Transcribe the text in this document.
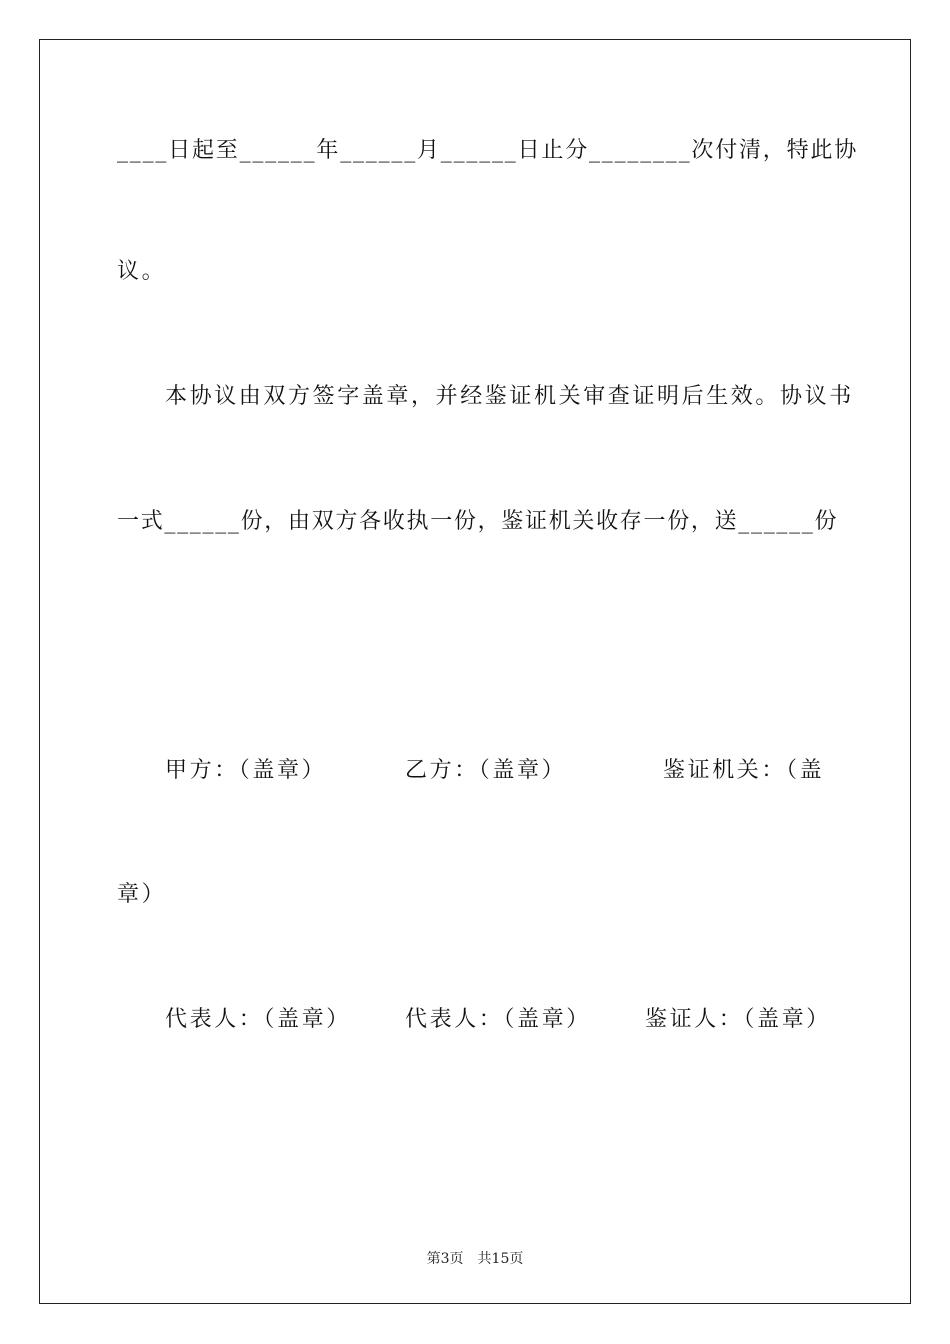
____日起至______年______月______日止分________次付清，特此协
议。
本协议由双方签字盖章，并经鉴证机关审查证明后生效。协议书
一式______份，由双方各收执一份，鉴证机关收存一份，送______份
甲方：（盖章）	乙方：（盖章）	鉴证机关：（盖
章）
代表人：（盖章） 代表人：（盖章） 鉴证人：（盖章）
第3页　共15页
